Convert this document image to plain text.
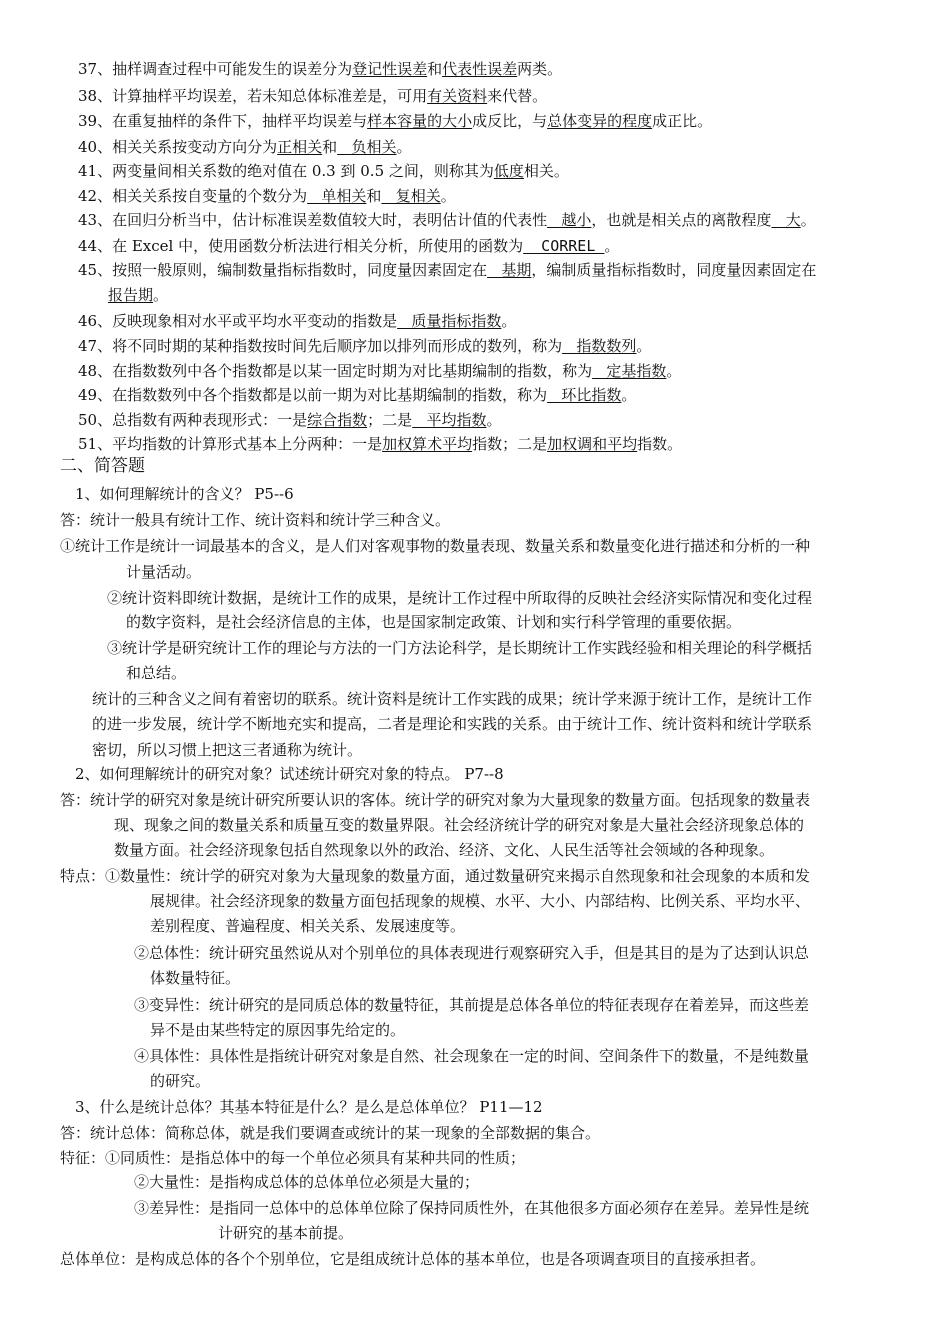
37、抽样调查过程中可能发生的误差分为登记性误差和代表性误差两类。
38、计算抽样平均误差，若未知总体标准差是，可用有关资料来代替。
39、在重复抽样的条件下，抽样平均误差与样本容量的大小成反比，与总体变异的程度成正比。
40、相关关系按变动方向分为正相关和   负相关。
41、两变量间相关系数的绝对值在 0.3 到 0.5 之间，则称其为低度相关。
42、相关关系按自变量的个数分为   单相关和   复相关。
43、在回归分析当中，估计标准误差数值较大时，表明估计值的代表性   越小，也就是相关点的离散程度   大。
44、在 Excel 中，使用函数分析法进行相关分析，所使用的函数为  CORREL 。
45、按照一般原则，编制数量指标指数时，同度量因素固定在   基期，编制质量指标指数时，同度量因素固定在
报告期。
46、反映现象相对水平或平均水平变动的指数是   质量指标指数。
47、将不同时期的某种指数按时间先后顺序加以排列而形成的数列，称为   指数数列。
48、在指数数列中各个指数都是以某一固定时期为对比基期编制的指数，称为   定基指数。
49、在指数数列中各个指数都是以前一期为对比基期编制的指数，称为   环比指数。
50、总指数有两种表现形式：一是综合指数；二是   平均指数。
51、平均指数的计算形式基本上分两种：一是加权算术平均指数；二是加权调和平均指数。
二、简答题
1、如何理解统计的含义？ P5--6
答：统计一般具有统计工作、统计资料和统计学三种含义。
①统计工作是统计一词最基本的含义，是人们对客观事物的数量表现、数量关系和数量变化进行描述和分析的一种
计量活动。
②统计资料即统计数据，是统计工作的成果，是统计工作过程中所取得的反映社会经济实际情况和变化过程
的数字资料，是社会经济信息的主体，也是国家制定政策、计划和实行科学管理的重要依据。
③统计学是研究统计工作的理论与方法的一门方法论科学，是长期统计工作实践经验和相关理论的科学概括
和总结。
统计的三种含义之间有着密切的联系。统计资料是统计工作实践的成果；统计学来源于统计工作，是统计工作
的进一步发展，统计学不断地充实和提高，二者是理论和实践的关系。由于统计工作、统计资料和统计学联系
密切，所以习惯上把这三者通称为统计。
2、如何理解统计的研究对象？试述统计研究对象的特点。 P7--8
答：统计学的研究对象是统计研究所要认识的客体。统计学的研究对象为大量现象的数量方面。包括现象的数量表
现、现象之间的数量关系和质量互变的数量界限。社会经济统计学的研究对象是大量社会经济现象总体的
数量方面。社会经济现象包括自然现象以外的政治、经济、文化、人民生活等社会领域的各种现象。
特点：①数量性：统计学的研究对象为大量现象的数量方面，通过数量研究来揭示自然现象和社会现象的本质和发
展规律。社会经济现象的数量方面包括现象的规模、水平、大小、内部结构、比例关系、平均水平、
差别程度、普遍程度、相关关系、发展速度等。
②总体性：统计研究虽然说从对个别单位的具体表现进行观察研究入手，但是其目的是为了达到认识总
体数量特征。
③变异性：统计研究的是同质总体的数量特征，其前提是总体各单位的特征表现存在着差异，而这些差
异不是由某些特定的原因事先给定的。
④具体性：具体性是指统计研究对象是自然、社会现象在一定的时间、空间条件下的数量，不是纯数量
的研究。
3、什么是统计总体？其基本特征是什么？是么是总体单位？ P11—12
答：统计总体：简称总体，就是我们要调查或统计的某一现象的全部数据的集合。
特征：①同质性：是指总体中的每一个单位必须具有某种共同的性质；
②大量性：是指构成总体的总体单位必须是大量的；
③差异性：是指同一总体中的总体单位除了保持同质性外，在其他很多方面必须存在差异。差异性是统
计研究的基本前提。
总体单位：是构成总体的各个个别单位，它是组成统计总体的基本单位，也是各项调查项目的直接承担者。
